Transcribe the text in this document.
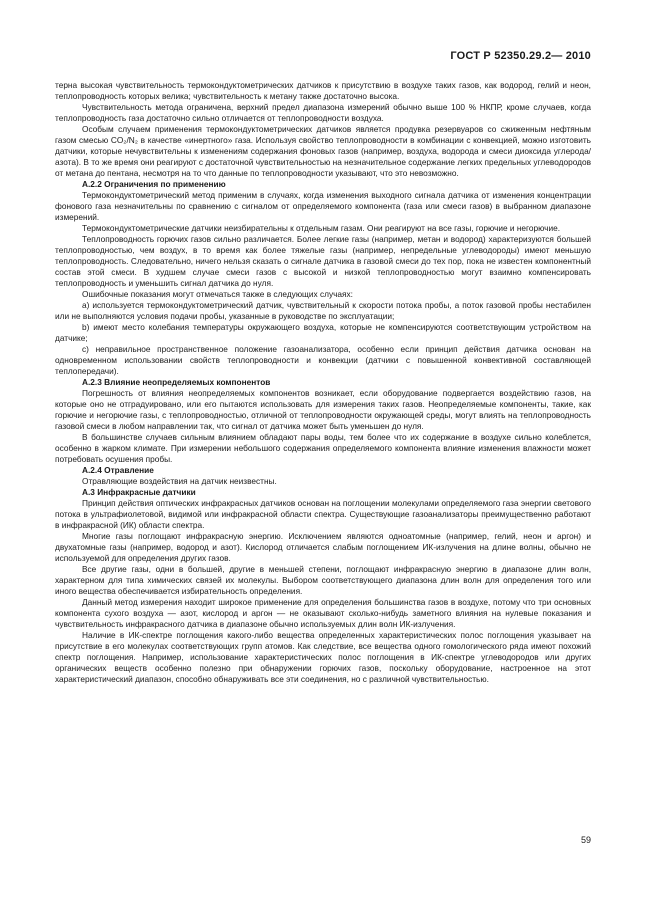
ГОСТ Р 52350.29.2— 2010

терна высокая чувствительность термокондуктометрических датчиков к присутствию в воздухе таких газов, как водород, гелий и неон, теплопроводность которых велика; чувствительность к метану также достаточно высока.

Чувствительность метода ограничена, верхний предел диапазона измерений обычно выше 100 % НКПР, кроме случаев, когда теплопроводность газа достаточно сильно отличается от теплопроводности воздуха.

Особым случаем применения термокондуктометрических датчиков является продувка резервуаров со сжиженным нефтяным газом смесью CO₂/N₂ в качестве «инертного» газа. Используя свойство теплопроводности в комбинации с конвекцией, можно изготовить датчики, которые нечувствительны к изменениям содержания фоновых газов (например, воздуха, водорода и смеси диоксида углерода/азота). В то же время они реагируют с достаточной чувствительностью на незначительное содержание легких предельных углеводородов от метана до пентана, несмотря на то что данные по теплопроводности указывают, что это невозможно.

А.2.2 Ограничения по применению

Термокондуктометрический метод применим в случаях, когда изменения выходного сигнала датчика от изменения концентрации фонового газа незначительны по сравнению с сигналом от определяемого компонента (газа или смеси газов) в выбранном диапазоне измерений.

Термокондуктометрические датчики неизбирательны к отдельным газам. Они реагируют на все газы, горючие и негорючие.

Теплопроводность горючих газов сильно различается. Более легкие газы (например, метан и водород) характеризуются большей теплопроводностью, чем воздух, в то время как более тяжелые газы (например, непредельные углеводороды) имеют меньшую теплопроводность. Следовательно, ничего нельзя сказать о сигнале датчика в газовой смеси до тех пор, пока не известен компонентный состав этой смеси. В худшем случае смеси газов с высокой и низкой теплопроводностью могут взаимно компенсировать теплопроводность и уменьшить сигнал датчика до нуля.

Ошибочные показания могут отмечаться также в следующих случаях:

а) используется термокондуктометрический датчик, чувствительный к скорости потока пробы, а поток газовой пробы нестабилен или не выполняются условия подачи пробы, указанные в руководстве по эксплуатации;

b) имеют место колебания температуры окружающего воздуха, которые не компенсируются соответствующим устройством на датчике;

с) неправильное пространственное положение газоанализатора, особенно если принцип действия датчика основан на одновременном использовании свойств теплопроводности и конвекции (датчики с повышенной конвективной составляющей теплопередачи).

А.2.3 Влияние неопределяемых компонентов

Погрешность от влияния неопределяемых компонентов возникает, если оборудование подвергается воздействию газов, на которые оно не отградуировано, или его пытаются использовать для измерения таких газов. Неопределяемые компоненты, такие, как горючие и негорючие газы, с теплопроводностью, отличной от теплопроводности окружающей среды, могут влиять на теплопроводность газовой смеси в любом направлении так, что сигнал от датчика может быть уменьшен до нуля.

В большинстве случаев сильным влиянием обладают пары воды, тем более что их содержание в воздухе сильно колеблется, особенно в жарком климате. При измерении небольшого содержания определяемого компонента влияние изменения влажности может потребовать осушения пробы.

А.2.4 Отравление

Отравляющие воздействия на датчик неизвестны.

А.3 Инфракрасные датчики

Принцип действия оптических инфракрасных датчиков основан на поглощении молекулами определяемого газа энергии светового потока в ультрафиолетовой, видимой или инфракрасной области спектра. Существующие газоанализаторы преимущественно работают в инфракрасной (ИК) области спектра.

Многие газы поглощают инфракрасную энергию. Исключением являются одноатомные (например, гелий, неон и аргон) и двухатомные газы (например, водород и азот). Кислород отличается слабым поглощением ИК-излучения на длине волны, обычно не используемой для определения других газов.

Все другие газы, одни в большей, другие в меньшей степени, поглощают инфракрасную энергию в диапазоне длин волн, характерном для типа химических связей их молекулы. Выбором соответствующего диапазона длин волн для определения того или иного вещества обеспечивается избирательность определения.

Данный метод измерения находит широкое применение для определения большинства газов в воздухе, потому что три основных компонента сухого воздуха — азот, кислород и аргон — не оказывают сколько-нибудь заметного влияния на нулевые показания и чувствительность инфракрасного датчика в диапазоне обычно используемых длин волн ИК-излучения.

Наличие в ИК-спектре поглощения какого-либо вещества определенных характеристических полос поглощения указывает на присутствие в его молекулах соответствующих групп атомов. Как следствие, все вещества одного гомологического ряда имеют похожий спектр поглощения. Например, использование характеристических полос поглощения в ИК-спектре углеводородов или других органических веществ особенно полезно при обнаружении горючих газов, поскольку оборудование, настроенное на этот характеристический диапазон, способно обнаруживать все эти соединения, но с различной чувствительностью.

59
